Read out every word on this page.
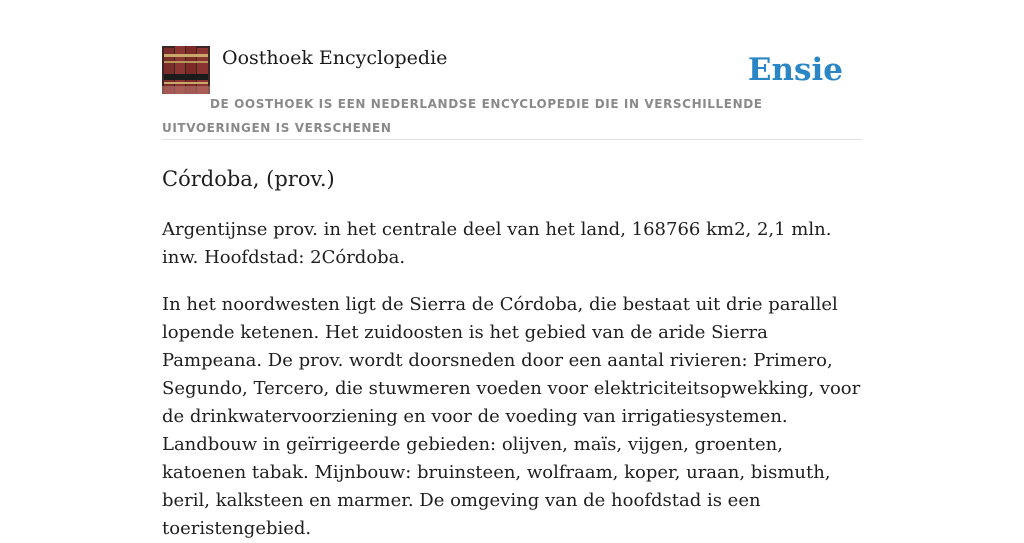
Oosthoek Encyclopedie	Ensie
DE OOSTHOEK IS EEN NEDERLANDSE ENCYCLOPEDIE DIE IN VERSCHILLENDE UITVOERINGEN IS VERSCHENEN
Córdoba, (prov.)

Argentijnse prov. in het centrale deel van het land, 168766 km2, 2,1 mln. inw. Hoofdstad: 2Córdoba.

In het noordwesten ligt de Sierra de Córdoba, die bestaat uit drie parallel lopende ketenen. Het zuidoosten is het gebied van de aride Sierra Pampeana. De prov. wordt doorsneden door een aantal rivieren: Primero, Segundo, Tercero, die stuwmeren voeden voor elektriciteitsopwekking, voor de drinkwatervoorziening en voor de voeding van irrigatiesystemen. Landbouw in geïrrigeerde gebieden: olijven, maïs, vijgen, groenten, katoenen tabak. Mijnbouw: bruinsteen, wolfraam, koper, uraan, bismuth, beril, kalksteen en marmer. De omgeving van de hoofdstad is een toeristengebied.
